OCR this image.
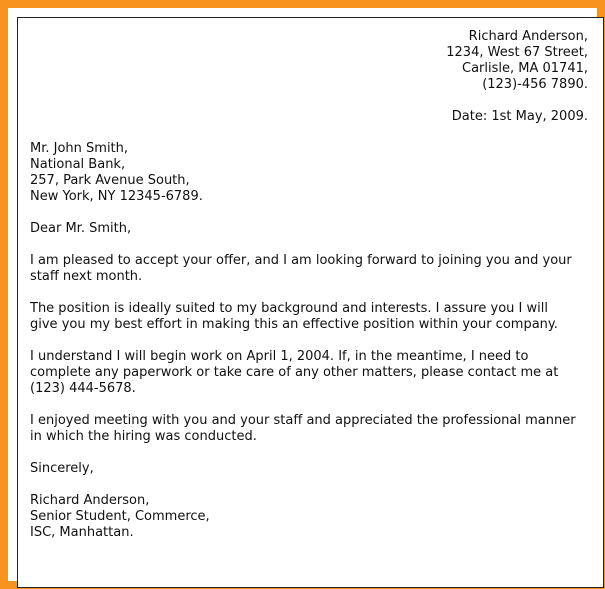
Richard Anderson,
1234, West 67 Street,
Carlisle, MA 01741,
(123)-456 7890.
Date: 1st May, 2009.
Mr. John Smith,
National Bank,
257, Park Avenue South,
New York, NY 12345-6789.
Dear Mr. Smith,
I am pleased to accept your offer, and I am looking forward to joining you and your
staff next month.
The position is ideally suited to my background and interests. I assure you I will
give you my best effort in making this an effective position within your company.
I understand I will begin work on April 1, 2004. If, in the meantime, I need to
complete any paperwork or take care of any other matters, please contact me at
(123) 444-5678.
I enjoyed meeting with you and your staff and appreciated the professional manner
in which the hiring was conducted.
Sincerely,
Richard Anderson,
Senior Student, Commerce,
ISC, Manhattan.
